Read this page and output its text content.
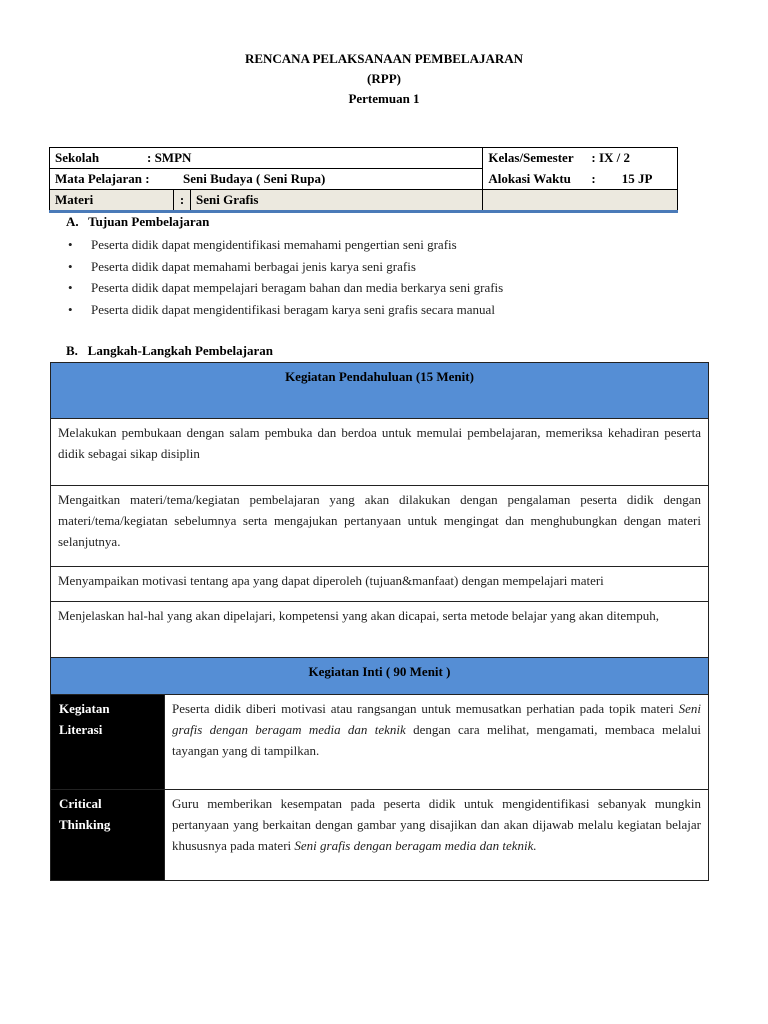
RENCANA PELAKSANAAN PEMBELAJARAN
(RPP)
Pertemuan 1
Sekolah : SMPN			Kelas/Semester : IX / 2
Mata Pelajaran : Seni Budaya ( Seni Rupa)			Alokasi Waktu :        15 JP
Materi	:	Seni Grafis	
A.   Tujuan Pembelajaran
• Peserta didik dapat mengidentifikasi memahami pengertian seni grafis
• Peserta didik dapat memahami berbagai jenis karya seni grafis
• Peserta didik dapat mempelajari beragam bahan dan media berkarya seni grafis
• Peserta didik dapat mengidentifikasi beragam karya seni grafis secara manual
B.   Langkah-Langkah Pembelajaran
Kegiatan Pendahuluan (15 Menit)	
Melakukan pembukaan dengan salam pembuka dan berdoa untuk memulai pembelajaran, memeriksa kehadiran peserta didik sebagai sikap disiplin	
Mengaitkan materi/tema/kegiatan pembelajaran yang akan dilakukan dengan pengalaman peserta didik dengan materi/tema/kegiatan sebelumnya serta mengajukan pertanyaan untuk mengingat dan menghubungkan dengan materi selanjutnya.	
Menyampaikan motivasi tentang apa yang dapat diperoleh (tujuan&manfaat) dengan mempelajari materi	
Menjelaskan hal-hal yang akan dipelajari, kompetensi yang akan dicapai, serta metode belajar yang akan ditempuh,	
Kegiatan Inti ( 90 Menit )	

Kegiatan
Literasi	Peserta didik diberi motivasi atau rangsangan untuk memusatkan perhatian pada topik materi Seni grafis dengan beragam media dan teknik dengan cara melihat, mengamati, membaca melalui tayangan yang di tampilkan.

Critical
Thinking	Guru memberikan kesempatan pada peserta didik untuk mengidentifikasi sebanyak mungkin pertanyaan yang berkaitan dengan gambar yang disajikan dan akan dijawab melalu kegiatan belajar khususnya pada materi Seni grafis dengan beragam media dan teknik.
